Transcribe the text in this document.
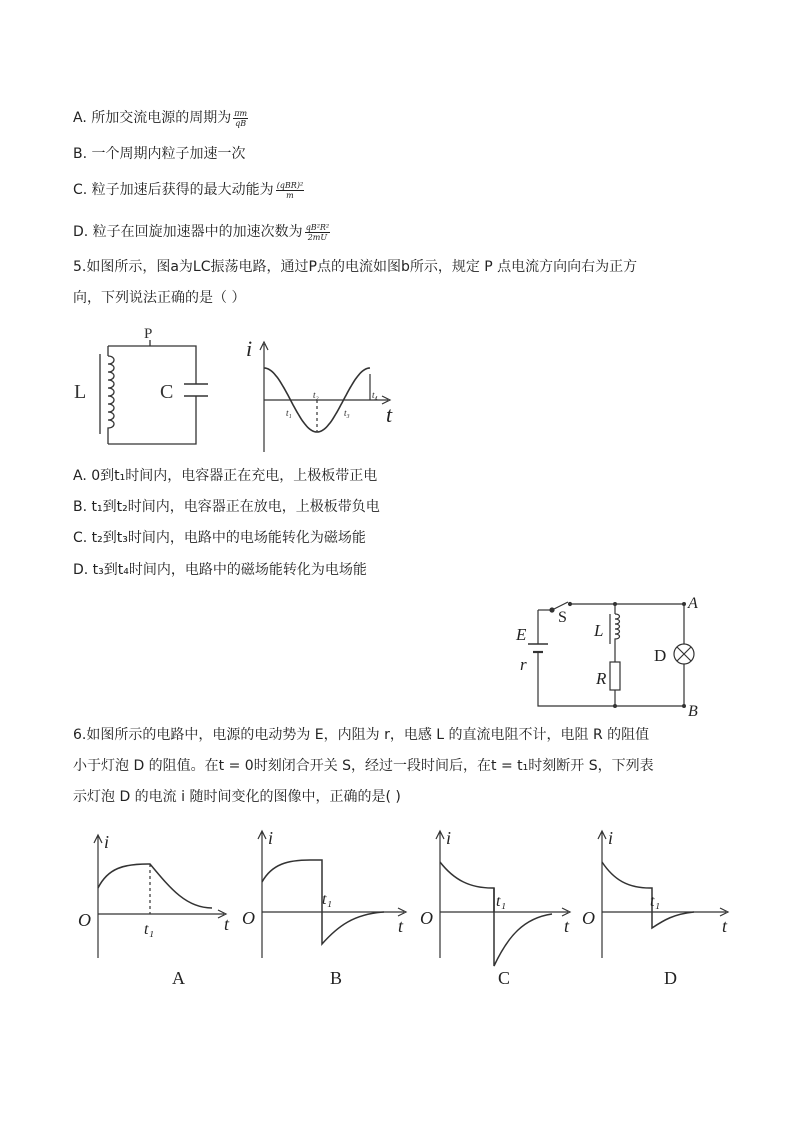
A. 所加交流电源的周期为 $\frac{\pi m}{qB}$
B. 一个周期内粒子加速一次
C. 粒子加速后获得的最大动能为 $\frac{\text{(qBR)²}}{m}$
D. 粒子在回旋加速器中的加速次数为 $\frac{\text{qB²R²}}{2mU}$
5.如图所示，图a为LC振荡电路，通过P点的电流如图b所示，规定 P 点电流方向向右为正方
向，下列说法正确的是（ ）
P
L	C
i
t
t₁
t₂
t₃
t₄
A. 0到t₁时间内，电容器正在充电，上极板带正电
B. t₁到t₂时间内，电容器正在放电，上极板带负电
C. t₂到t₃时间内，电路中的电场能转化为磁场能
D. t₃到t₄时间内，电路中的磁场能转化为电场能
S
L
R
D
A
B
E
r
6.如图所示的电路中，电源的电动势为 E，内阻为 r，电感 L 的直流电阻不计，电阻 R 的阻值
小于灯泡 D 的阻值。在t = 0时刻闭合开关 S，经过一段时间后，在t = t₁时刻断开 S，下列表
示灯泡 D 的电流 i 随时间变化的图像中，正确的是( )
i
O	t₁	t
A
i
O
t₁
t
B
i
O
t₁
t
C
i
O
t₁
t
D
